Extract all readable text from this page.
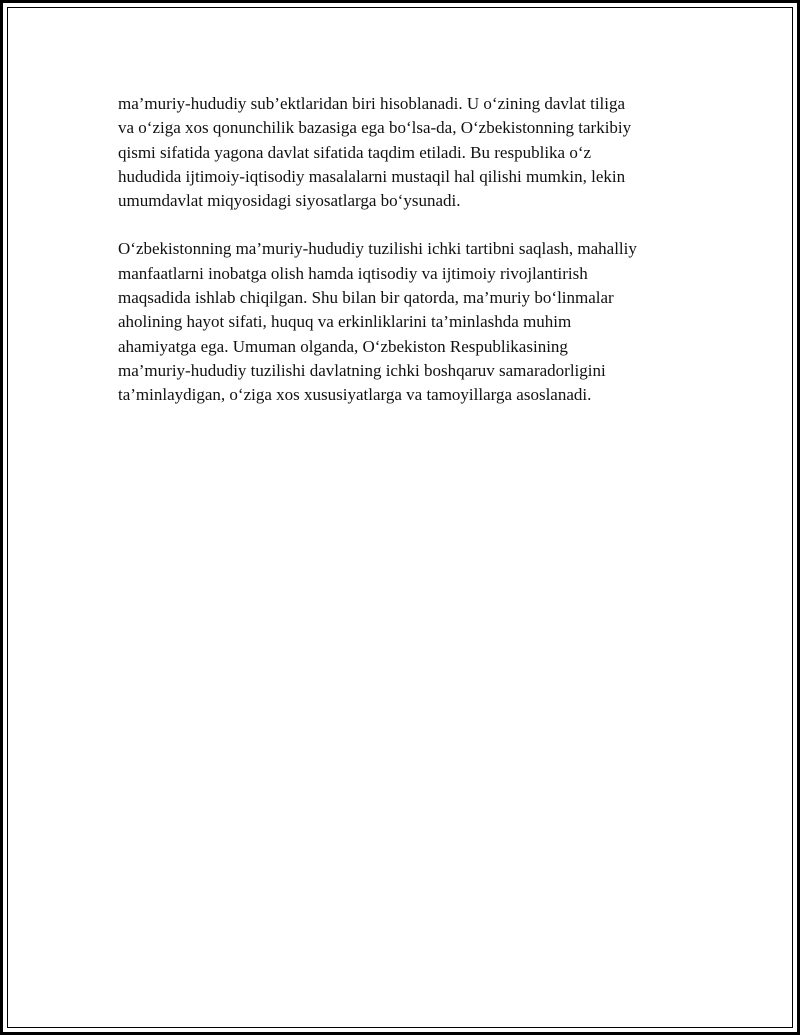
ma’muriy-hududiy sub’ektlaridan biri hisoblanadi. U o‘zining davlat tiliga
va o‘ziga xos qonunchilik bazasiga ega bo‘lsa-da, O‘zbekistonning tarkibiy
qismi sifatida yagona davlat sifatida taqdim etiladi. Bu respublika o‘z
hududida ijtimoiy-iqtisodiy masalalarni mustaqil hal qilishi mumkin, lekin
umumdavlat miqyosidagi siyosatlarga bo‘ysunadi.

O‘zbekistonning ma’muriy-hududiy tuzilishi ichki tartibni saqlash, mahalliy
manfaatlarni inobatga olish hamda iqtisodiy va ijtimoiy rivojlantirish
maqsadida ishlab chiqilgan. Shu bilan bir qatorda, ma’muriy bo‘linmalar
aholining hayot sifati, huquq va erkinliklarini ta’minlashda muhim
ahamiyatga ega. Umuman olganda, O‘zbekiston Respublikasining
ma’muriy-hududiy tuzilishi davlatning ichki boshqaruv samaradorligini
ta’minlaydigan, o‘ziga xos xususiyatlarga va tamoyillarga asoslanadi.
